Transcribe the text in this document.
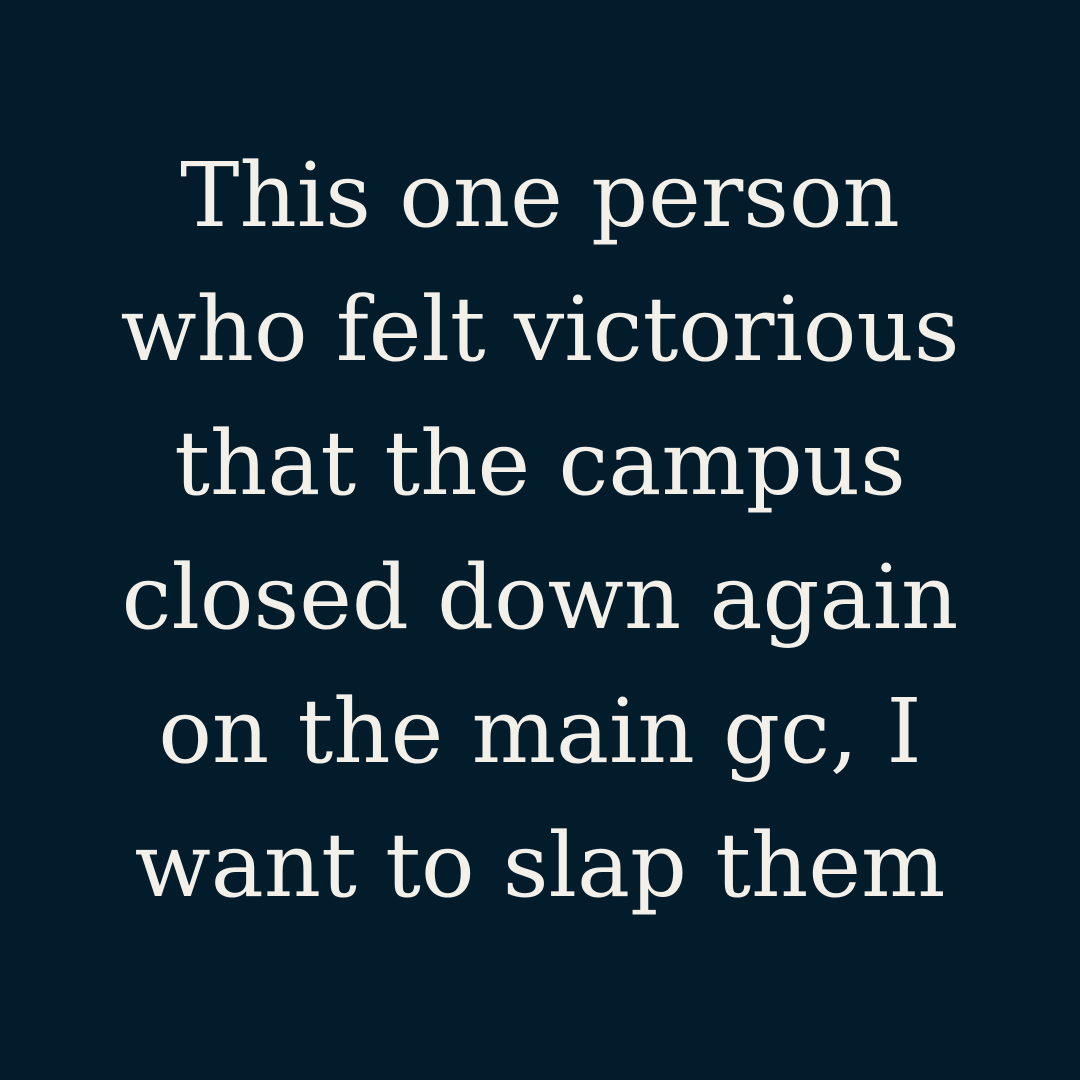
This one person
who felt victorious
that the campus
closed down again
on the main gc, I
want to slap them
